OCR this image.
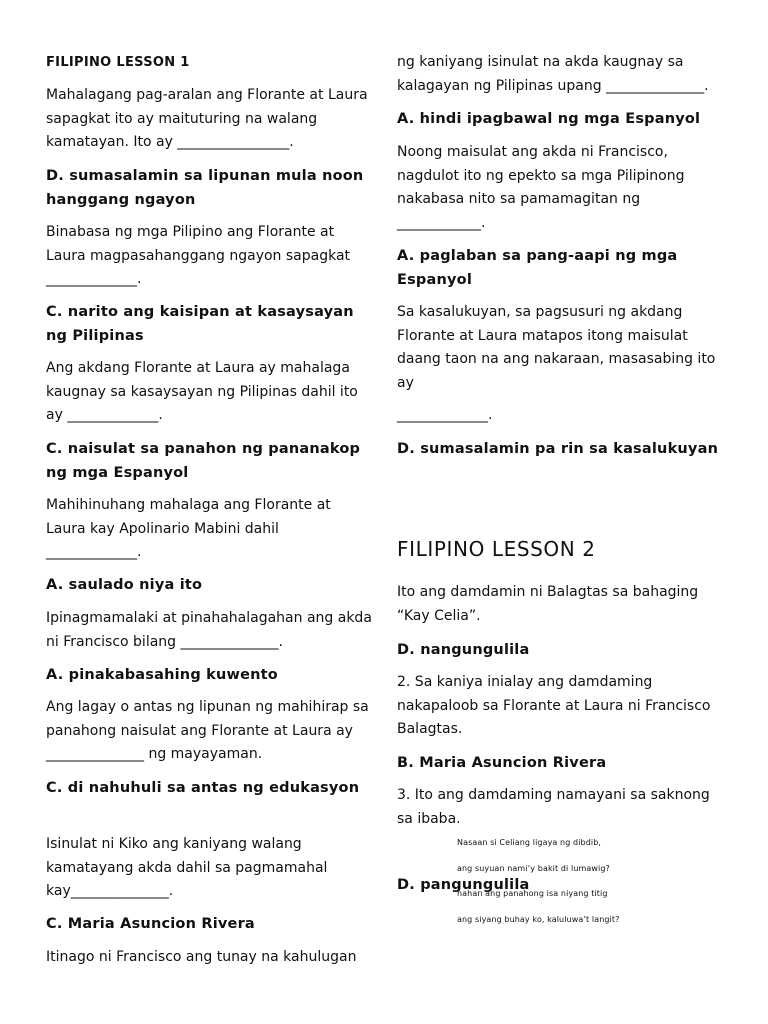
FILIPINO LESSON 1

Mahalagang pag-aralan ang Florante at Laura sapagkat ito ay maituturing na walang kamatayan. Ito ay ________________.

D. sumasalamin sa lipunan mula noon hanggang ngayon

Binabasa ng mga Pilipino ang Florante at Laura magpasahanggang ngayon sapagkat _____________.

C. narito ang kaisipan at kasaysayan ng Pilipinas

Ang akdang Florante at Laura ay mahalaga kaugnay sa kasaysayan ng Pilipinas dahil ito ay _____________.

C. naisulat sa panahon ng pananakop ng mga Espanyol

Mahihinuhang mahalaga ang Florante at Laura kay Apolinario Mabini dahil _____________.

A. saulado niya ito

Ipinagmamalaki at pinahahalagahan ang akda ni Francisco bilang ______________.

A. pinakabasahing kuwento

Ang lagay o antas ng lipunan ng mahihirap sa panahong naisulat ang Florante at Laura ay ______________ ng mayayaman.

C. di nahuhuli sa antas ng edukasyon

Isinulat ni Kiko ang kaniyang walang kamatayang akda dahil sa pagmamahal kay______________.

C. Maria Asuncion Rivera

Itinago ni Francisco ang tunay na kahulugan

ng kaniyang isinulat na akda kaugnay sa kalagayan ng Pilipinas upang ______________.

A. hindi ipagbawal ng mga Espanyol

Noong maisulat ang akda ni Francisco, nagdulot ito ng epekto sa mga Pilipinong nakabasa nito sa pamamagitan ng ____________.

A. paglaban sa pang-aapi ng mga Espanyol

Sa kasalukuyan, sa pagsusuri ng akdang Florante at Laura matapos itong maisulat daang taon na ang nakaraan, masasabing ito ay

_____________.

D. sumasalamin pa rin sa kasalukuyan

FILIPINO LESSON 2

Ito ang damdamin ni Balagtas sa bahaging “Kay Celia”.

D. nangungulila

2. Sa kaniya inialay ang damdaming nakapaloob sa Florante at Laura ni Francisco Balagtas.

B. Maria Asuncion Rivera

3. Ito ang damdaming namayani sa saknong sa ibaba.

D. pangungulila

Nasaan si Celiang ligaya ng dibdib,
ang suyuan nami’y bakit di lumawig?
nahan ang panahong isa niyang titig
ang siyang buhay ko, kaluluwa’t langit?
